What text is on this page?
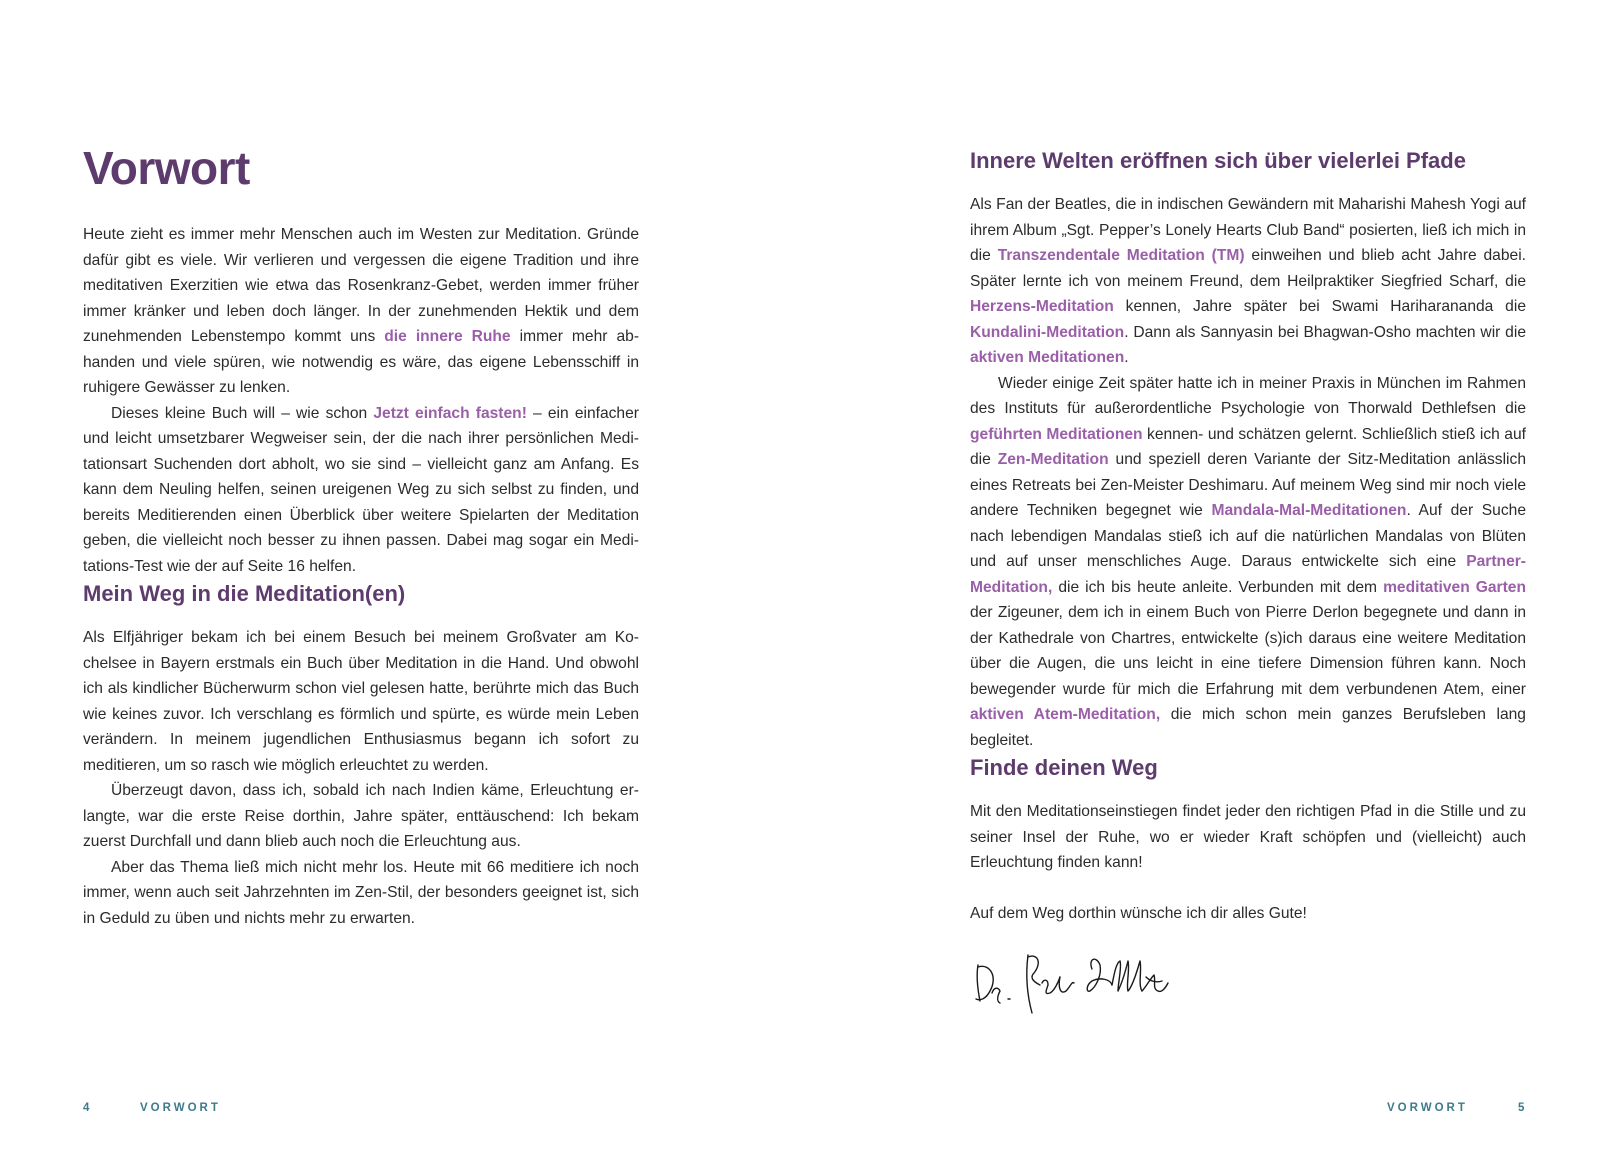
Vorwort

Heute zieht es immer mehr Menschen auch im Westen zur Meditation. Gründe dafür gibt es viele. Wir verlieren und vergessen die eigene Tradition und ihre meditativen Exerzitien wie etwa das Rosenkranz-Gebet, werden immer früher immer kränker und leben doch länger. In der zunehmenden Hektik und dem zunehmenden Lebenstempo kommt uns die innere Ruhe immer mehr abhanden und viele spüren, wie notwendig es wäre, das eigene Lebensschiff in ruhigere Gewässer zu lenken.

Dieses kleine Buch will – wie schon Jetzt einfach fasten! – ein einfacher und leicht umsetzbarer Wegweiser sein, der die nach ihrer persönlichen Meditationsart Suchenden dort abholt, wo sie sind – vielleicht ganz am Anfang. Es kann dem Neuling helfen, seinen ureigenen Weg zu sich selbst zu finden, und bereits Meditierenden einen Überblick über weitere Spielarten der Meditation geben, die vielleicht noch besser zu ihnen passen. Dabei mag sogar ein Meditations-Test wie der auf Seite 16 helfen.

Mein Weg in die Meditation(en)

Als Elfjähriger bekam ich bei einem Besuch bei meinem Großvater am Kochelsee in Bayern erstmals ein Buch über Meditation in die Hand. Und obwohl ich als kindlicher Bücherwurm schon viel gelesen hatte, berührte mich das Buch wie keines zuvor. Ich verschlang es förmlich und spürte, es würde mein Leben verändern. In meinem jugendlichen Enthusiasmus begann ich sofort zu meditieren, um so rasch wie möglich erleuchtet zu werden.

Überzeugt davon, dass ich, sobald ich nach Indien käme, Erleuchtung erlangte, war die erste Reise dorthin, Jahre später, enttäuschend: Ich bekam zuerst Durchfall und dann blieb auch noch die Erleuchtung aus.

Aber das Thema ließ mich nicht mehr los. Heute mit 66 meditiere ich noch immer, wenn auch seit Jahrzehnten im Zen-Stil, der besonders geeignet ist, sich in Geduld zu üben und nichts mehr zu erwarten.

Innere Welten eröffnen sich über vielerlei Pfade

Als Fan der Beatles, die in indischen Gewändern mit Maharishi Mahesh Yogi auf ihrem Album „Sgt. Pepper’s Lonely Hearts Club Band“ posierten, ließ ich mich in die Transzendentale Meditation (TM) einweihen und blieb acht Jahre dabei. Später lernte ich von meinem Freund, dem Heilpraktiker Siegfried Scharf, die Herzens-Meditation kennen, Jahre später bei Swami Hariharananda die Kundalini-Meditation. Dann als Sannyasin bei Bhagwan-Osho machten wir die aktiven Meditationen.

Wieder einige Zeit später hatte ich in meiner Praxis in München im Rahmen des Instituts für außerordentliche Psychologie von Thorwald Dethlefsen die geführten Meditationen kennen- und schätzen gelernt. Schließlich stieß ich auf die Zen-Meditation und speziell deren Variante der Sitz-Meditation anlässlich eines Retreats bei Zen-Meister Deshimaru. Auf meinem Weg sind mir noch viele andere Techniken begegnet wie Mandala-Mal-Meditationen. Auf der Suche nach lebendigen Mandalas stieß ich auf die natürlichen Mandalas von Blüten und auf unser menschliches Auge. Daraus entwickelte sich eine Partner-Meditation, die ich bis heute anleite. Verbunden mit dem meditativen Garten der Zigeuner, dem ich in einem Buch von Pierre Derlon begegnete und dann in der Kathedrale von Chartres, entwickelte (s)ich daraus eine weitere Meditation über die Augen, die uns leicht in eine tiefere Dimension führen kann. Noch bewegender wurde für mich die Erfahrung mit dem verbundenen Atem, einer aktiven Atem-Meditation, die mich schon mein ganzes Berufsleben lang begleitet.

Finde deinen Weg

Mit den Meditationseinstiegen findet jeder den richtigen Pfad in die Stille und zu seiner Insel der Ruhe, wo er wieder Kraft schöpfen und (vielleicht) auch Erleuchtung finden kann!

Auf dem Weg dorthin wünsche ich dir alles Gute!

4	VORWORT	VORWORT	5
